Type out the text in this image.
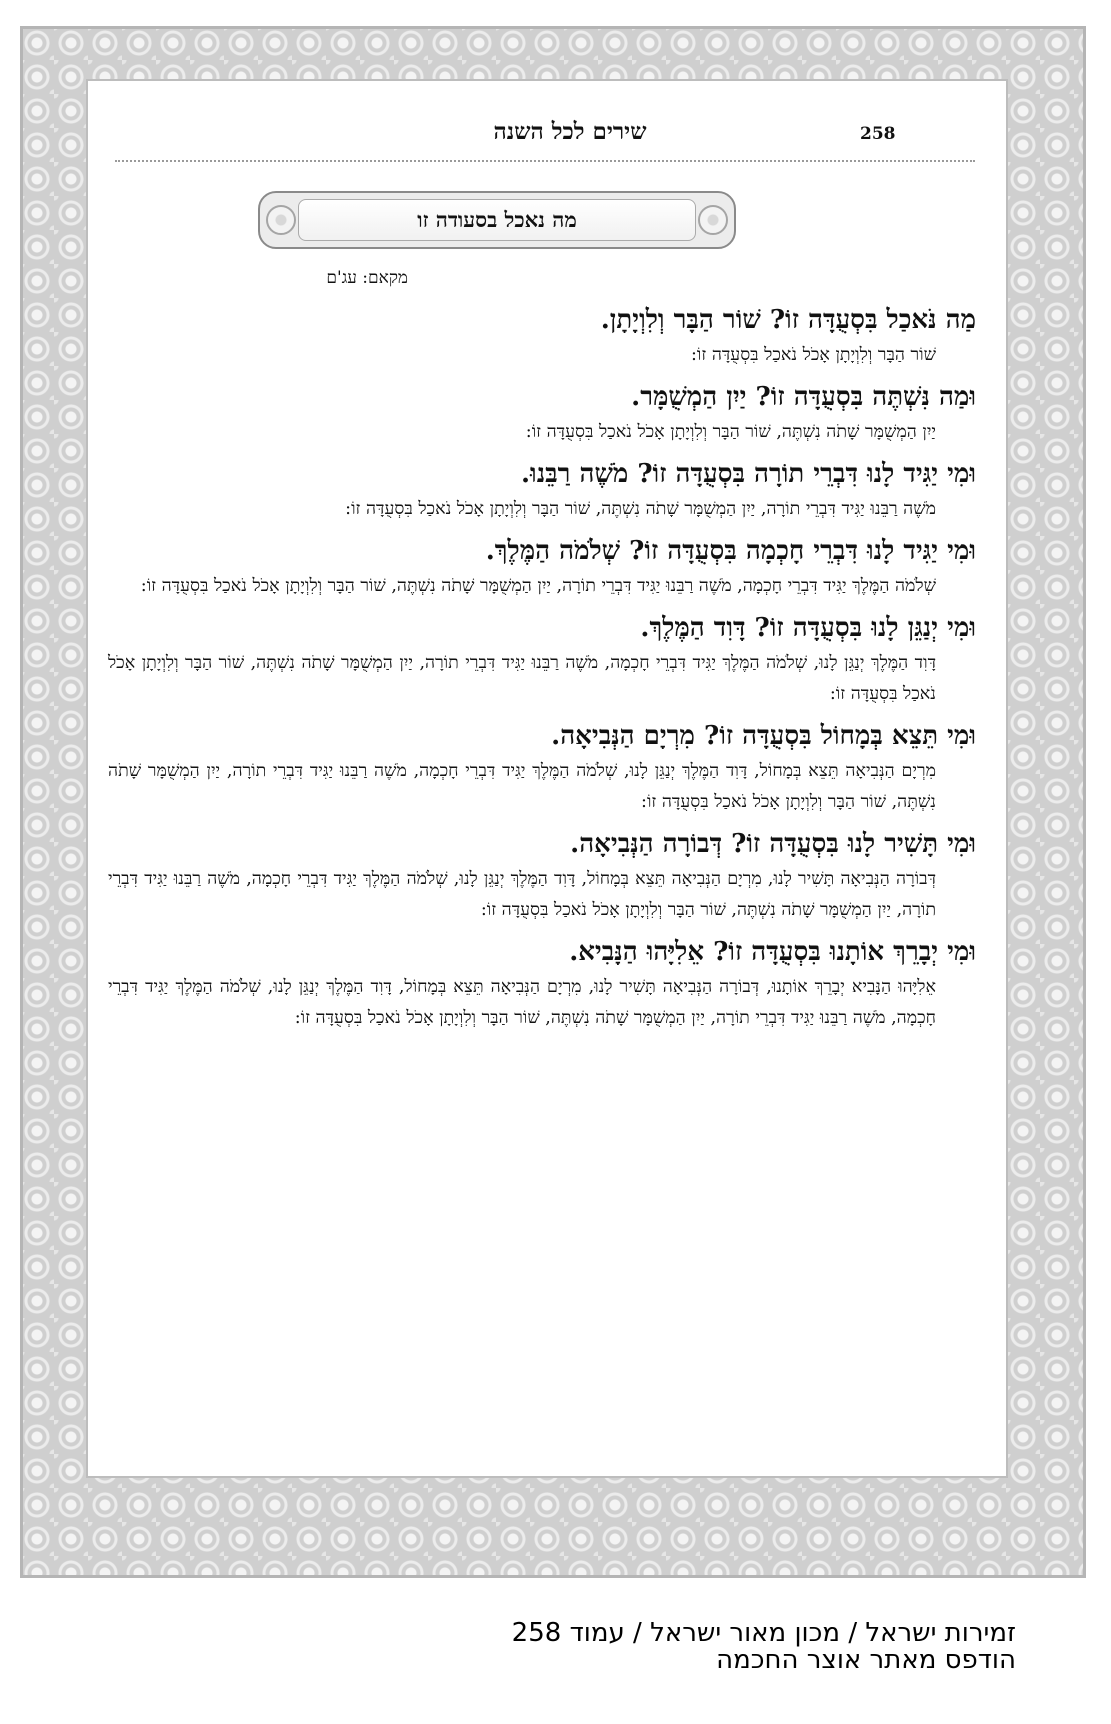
258
שירים לכל השנה
מה נאכל בסעודה זו
מקאם: עג'ם
מַה נֹּאכַל בִּסְעֻדָּה זוֹ? שׁוֹר הַבָּר וְלִוְיָתָן.
שׁוֹר הַבָּר וְלִוְיָתָן אָכֹל נֹאכַל בִּסְעֻדָּה זוֹ:
וּמַה נִּשְׁתֶּה בִּסְעֻדָּה זוֹ? יַיִן הַמְשֻׁמָּר.
יַיִן הַמְשֻׁמָּר שָׁתֹה נִשְׁתֶּה, שׁוֹר הַבָּר וְלִוְיָתָן אָכֹל נֹאכַל בִּסְעֻדָּה זוֹ:
וּמִי יַגִּיד לָנוּ דִּבְרֵי תוֹרָה בִּסְעֻדָּה זוֹ? מֹשֶׁה רַבֵּנוּ.
מֹשֶׁה רַבֵּנוּ יַגִּיד דִּבְרֵי תוֹרָה, יַיִן הַמְשֻׁמָּר שָׁתֹה נִשְׁתֶּה, שׁוֹר הַבָּר וְלִוְיָתָן אָכֹל נֹאכַל בִּסְעֻדָּה זוֹ:
וּמִי יַגִּיד לָנוּ דִּבְרֵי חָכְמָה בִּסְעֻדָּה זוֹ? שְׁלֹמֹה הַמֶּלֶךְ.
שְׁלֹמֹה הַמֶּלֶךְ יַגִּיד דִּבְרֵי חָכְמָה, מֹשֶׁה רַבֵּנוּ יַגִּיד דִּבְרֵי תוֹרָה, יַיִן הַמְשֻׁמָּר שָׁתֹה נִשְׁתֶּה, שׁוֹר הַבָּר וְלִוְיָתָן אָכֹל נֹאכַל בִּסְעֻדָּה זוֹ:
וּמִי יְנַגֵּן לָנוּ בִּסְעֻדָּה זוֹ? דָּוִד הַמֶּלֶךְ.
דָּוִד הַמֶּלֶךְ יְנַגֵּן לָנוּ, שְׁלֹמֹה הַמֶּלֶךְ יַגִּיד דִּבְרֵי חָכְמָה, מֹשֶׁה רַבֵּנוּ יַגִּיד דִּבְרֵי תוֹרָה, יַיִן הַמְשֻׁמָּר שָׁתֹה נִשְׁתֶּה, שׁוֹר הַבָּר וְלִוְיָתָן אָכֹל נֹאכַל בִּסְעֻדָּה זוֹ:
וּמִי תֵּצֵא בְּמָחוֹל בִּסְעֻדָּה זוֹ? מִרְיָם הַנְּבִיאָה.
מִרְיָם הַנְּבִיאָה תֵּצֵא בְּמָחוֹל, דָּוִד הַמֶּלֶךְ יְנַגֵּן לָנוּ, שְׁלֹמֹה הַמֶּלֶךְ יַגִּיד דִּבְרֵי חָכְמָה, מֹשֶׁה רַבֵּנוּ יַגִּיד דִּבְרֵי תוֹרָה, יַיִן הַמְשֻׁמָּר שָׁתֹה נִשְׁתֶּה, שׁוֹר הַבָּר וְלִוְיָתָן אָכֹל נֹאכַל בִּסְעֻדָּה זוֹ:
וּמִי תָּשִׁיר לָנוּ בִּסְעֻדָּה זוֹ? דְּבוֹרָה הַנְּבִיאָה.
דְּבוֹרָה הַנְּבִיאָה תָּשִׁיר לָנוּ, מִרְיָם הַנְּבִיאָה תֵּצֵא בְּמָחוֹל, דָּוִד הַמֶּלֶךְ יְנַגֵּן לָנוּ, שְׁלֹמֹה הַמֶּלֶךְ יַגִּיד דִּבְרֵי חָכְמָה, מֹשֶׁה רַבֵּנוּ יַגִּיד דִּבְרֵי תוֹרָה, יַיִן הַמְשֻׁמָּר שָׁתֹה נִשְׁתֶּה, שׁוֹר הַבָּר וְלִוְיָתָן אָכֹל נֹאכַל בִּסְעֻדָּה זוֹ:
וּמִי יְבָרֵךְ אוֹתָנוּ בִּסְעֻדָּה זוֹ? אֵלִיָּהוּ הַנָּבִיא.
אֵלִיָּהוּ הַנָּבִיא יְבָרֵךְ אוֹתָנוּ, דְּבוֹרָה הַנְּבִיאָה תָּשִׁיר לָנוּ, מִרְיָם הַנְּבִיאָה תֵּצֵא בְּמָחוֹל, דָּוִד הַמֶּלֶךְ יְנַגֵּן לָנוּ, שְׁלֹמֹה הַמֶּלֶךְ יַגִּיד דִּבְרֵי חָכְמָה, מֹשֶׁה רַבֵּנוּ יַגִּיד דִּבְרֵי תוֹרָה, יַיִן הַמְשֻׁמָּר שָׁתֹה נִשְׁתֶּה, שׁוֹר הַבָּר וְלִוְיָתָן אָכֹל נֹאכַל בִּסְעֻדָּה זוֹ:
זמירות ישראל / מכון מאור ישראל / עמוד 258
הודפס מאתר אוצר החכמה
